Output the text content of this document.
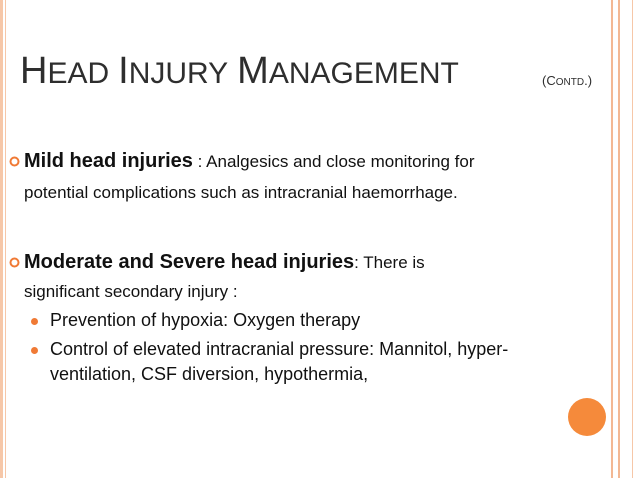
HEAD INJURY MANAGEMENT	(CONTD.)
Mild head injuries : Analgesics and close monitoring for
potential complications such as intracranial haemorrhage.
Moderate and Severe head injuries: There is
significant secondary injury :
Prevention of hypoxia: Oxygen therapy
Control of elevated intracranial pressure: Mannitol, hyper-
ventilation, CSF diversion, hypothermia,
